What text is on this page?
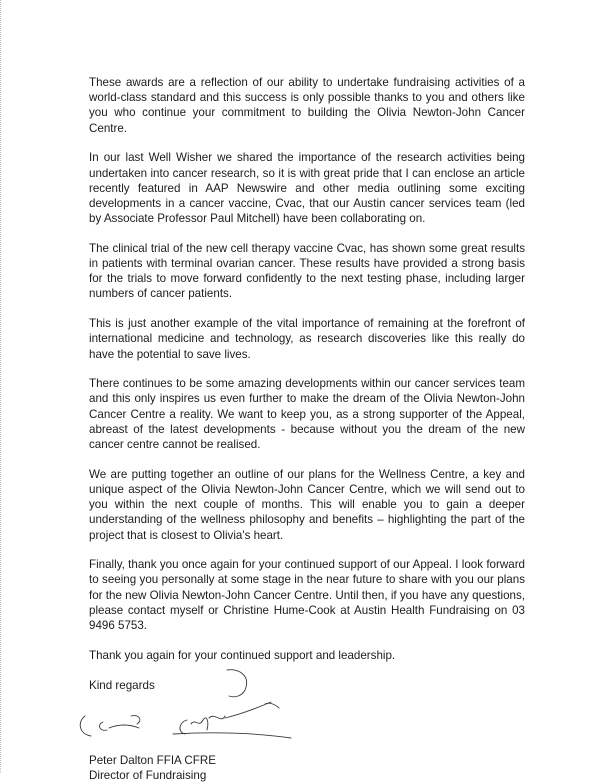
These awards are a reflection of our ability to undertake fundraising activities of a world-class standard and this success is only possible thanks to you and others like you who continue your commitment to building the Olivia Newton-John Cancer Centre.

In our last Well Wisher we shared the importance of the research activities being undertaken into cancer research, so it is with great pride that I can enclose an article recently featured in AAP Newswire and other media outlining some exciting developments in a cancer vaccine, Cvac, that our Austin cancer services team (led by Associate Professor Paul Mitchell) have been collaborating on.

The clinical trial of the new cell therapy vaccine Cvac, has shown some great results in patients with terminal ovarian cancer. These results have provided a strong basis for the trials to move forward confidently to the next testing phase, including larger numbers of cancer patients.

This is just another example of the vital importance of remaining at the forefront of international medicine and technology, as research discoveries like this really do have the potential to save lives.

There continues to be some amazing developments within our cancer services team and this only inspires us even further to make the dream of the Olivia Newton-John Cancer Centre a reality. We want to keep you, as a strong supporter of the Appeal, abreast of the latest developments - because without you the dream of the new cancer centre cannot be realised.

We are putting together an outline of our plans for the Wellness Centre, a key and unique aspect of the Olivia Newton-John Cancer Centre, which we will send out to you within the next couple of months. This will enable you to gain a deeper understanding of the wellness philosophy and benefits – highlighting the part of the project that is closest to Olivia's heart.

Finally, thank you once again for your continued support of our Appeal. I look forward to seeing you personally at some stage in the near future to share with you our plans for the new Olivia Newton-John Cancer Centre. Until then, if you have any questions, please contact myself or Christine Hume-Cook at Austin Health Fundraising on 03 9496 5753.

Thank you again for your continued support and leadership.

Kind regards

Peter Dalton FFIA CFRE

Director of Fundraising
